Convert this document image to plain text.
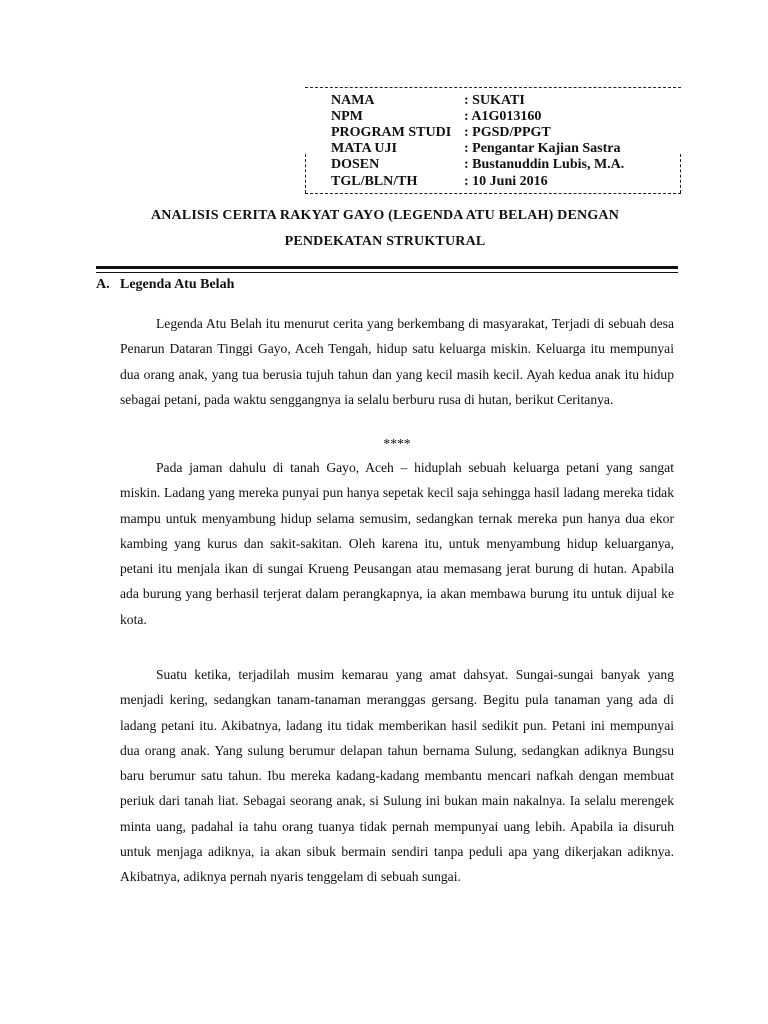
NAMA	: SUKATI
NPM	: A1G013160
PROGRAM STUDI : PGSD/PPGT
MATA UJI	: Pengantar Kajian Sastra
DOSEN	: Bustanuddin Lubis, M.A.
TGL/BLN/TH	: 10 Juni 2016
ANALISIS CERITA RAKYAT GAYO (LEGENDA ATU BELAH) DENGAN
PENDEKATAN STRUKTURAL
A. Legenda Atu Belah

Legenda Atu Belah itu menurut cerita yang berkembang di masyarakat, Terjadi di sebuah desa Penarun Dataran Tinggi Gayo, Aceh Tengah, hidup satu keluarga miskin. Keluarga itu mempunyai dua orang anak, yang tua berusia tujuh tahun dan yang kecil masih kecil. Ayah kedua anak itu hidup sebagai petani, pada waktu senggangnya ia selalu berburu rusa di hutan, berikut Ceritanya.

****

Pada jaman dahulu di tanah Gayo, Aceh – hiduplah sebuah keluarga petani yang sangat miskin. Ladang yang mereka punyai pun hanya sepetak kecil saja sehingga hasil ladang mereka tidak mampu untuk menyambung hidup selama semusim, sedangkan ternak mereka pun hanya dua ekor kambing yang kurus dan sakit-sakitan. Oleh karena itu, untuk menyambung hidup keluarganya, petani itu menjala ikan di sungai Krueng Peusangan atau memasang jerat burung di hutan. Apabila ada burung yang berhasil terjerat dalam perangkapnya, ia akan membawa burung itu untuk dijual ke kota.

Suatu ketika, terjadilah musim kemarau yang amat dahsyat. Sungai-sungai banyak yang menjadi kering, sedangkan tanam-tanaman meranggas gersang. Begitu pula tanaman yang ada di ladang petani itu. Akibatnya, ladang itu tidak memberikan hasil sedikit pun. Petani ini mempunyai dua orang anak. Yang sulung berumur delapan tahun bernama Sulung, sedangkan adiknya Bungsu baru berumur satu tahun. Ibu mereka kadang-kadang membantu mencari nafkah dengan membuat periuk dari tanah liat. Sebagai seorang anak, si Sulung ini bukan main nakalnya. Ia selalu merengek minta uang, padahal ia tahu orang tuanya tidak pernah mempunyai uang lebih. Apabila ia disuruh untuk menjaga adiknya, ia akan sibuk bermain sendiri tanpa peduli apa yang dikerjakan adiknya. Akibatnya, adiknya pernah nyaris tenggelam di sebuah sungai.
